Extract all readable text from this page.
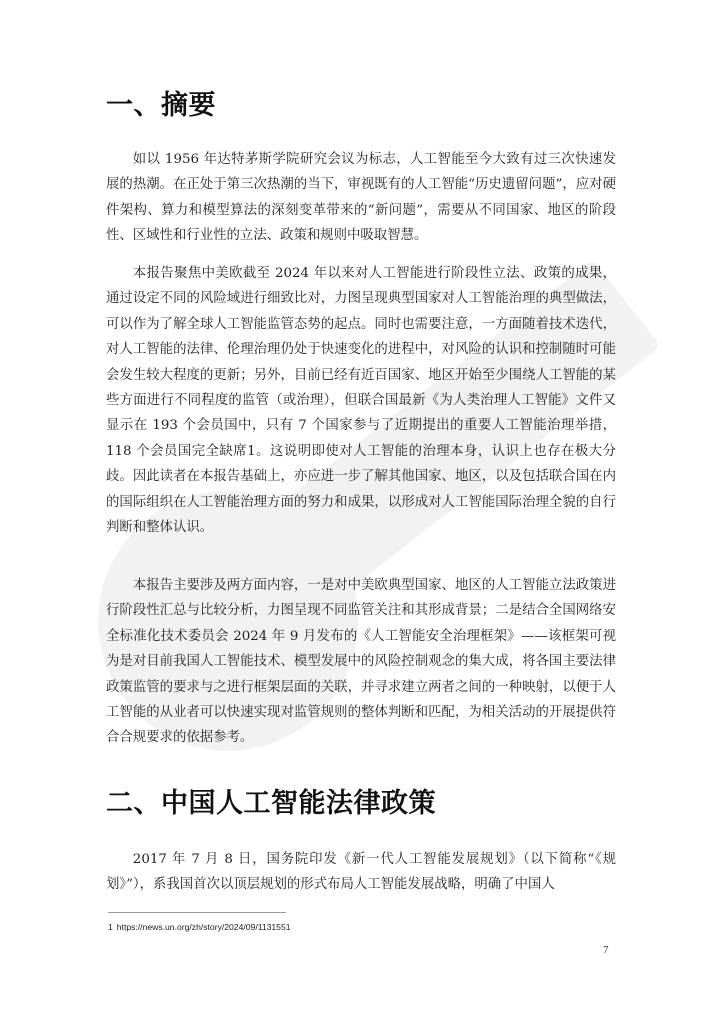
一、摘要

如以 1956 年达特茅斯学院研究会议为标志，人工智能至今大致有过三次快速发展的热潮。在正处于第三次热潮的当下，审视既有的人工智能“历史遗留问题”，应对硬件架构、算力和模型算法的深刻变革带来的“新问题”，需要从不同国家、地区的阶段性、区域性和行业性的立法、政策和规则中吸取智慧。

本报告聚焦中美欧截至 2024 年以来对人工智能进行阶段性立法、政策的成果，通过设定不同的风险域进行细致比对，力图呈现典型国家对人工智能治理的典型做法，可以作为了解全球人工智能监管态势的起点。同时也需要注意，一方面随着技术迭代，对人工智能的法律、伦理治理仍处于快速变化的进程中，对风险的认识和控制随时可能会发生较大程度的更新；另外，目前已经有近百国家、地区开始至少围绕人工智能的某些方面进行不同程度的监管（或治理），但联合国最新《为人类治理人工智能》文件又显示在 193 个会员国中，只有 7 个国家参与了近期提出的重要人工智能治理举措，118 个会员国完全缺席1。这说明即使对人工智能的治理本身，认识上也存在极大分歧。因此读者在本报告基础上，亦应进一步了解其他国家、地区，以及包括联合国在内的国际组织在人工智能治理方面的努力和成果，以形成对人工智能国际治理全貌的自行判断和整体认识。

本报告主要涉及两方面内容，一是对中美欧典型国家、地区的人工智能立法政策进行阶段性汇总与比较分析，力图呈现不同监管关注和其形成背景；二是结合全国网络安全标准化技术委员会 2024 年 9 月发布的《人工智能安全治理框架》——该框架可视为是对目前我国人工智能技术、模型发展中的风险控制观念的集大成，将各国主要法律政策监管的要求与之进行框架层面的关联，并寻求建立两者之间的一种映射，以便于人工智能的从业者可以快速实现对监管规则的整体判断和匹配，为相关活动的开展提供符合合规要求的依据参考。

二、中国人工智能法律政策

2017 年 7 月 8 日，国务院印发《新一代人工智能发展规划》（以下简称“《规划》”），系我国首次以顶层规划的形式布局人工智能发展战略，明确了中国人

1 https://news.un.org/zh/story/2024/09/1131551

7
